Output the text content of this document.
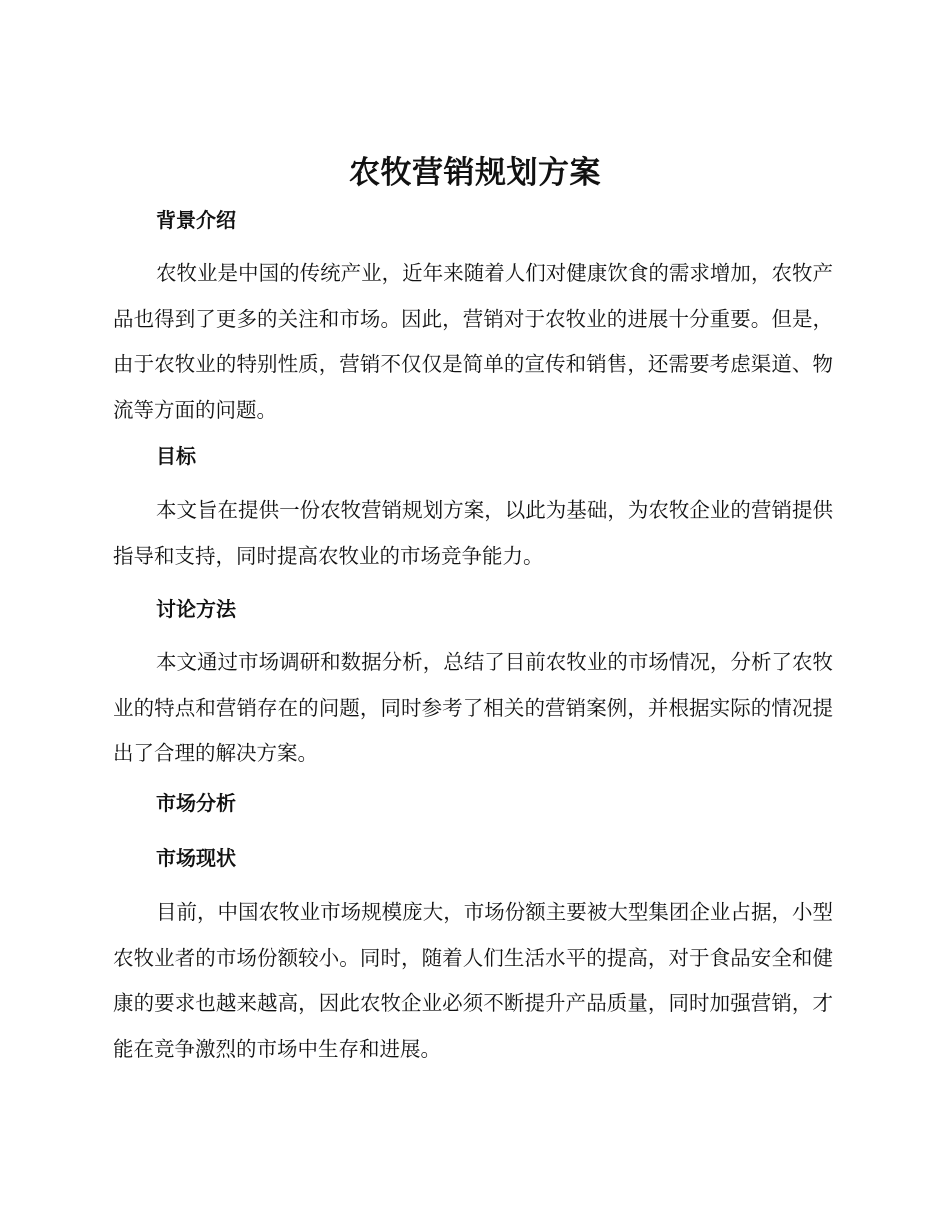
农牧营销规划方案
背景介绍

农牧业是中国的传统产业，近年来随着人们对健康饮食的需求增加，农牧产品也得到了更多的关注和市场。因此，营销对于农牧业的进展十分重要。但是，由于农牧业的特别性质，营销不仅仅是简单的宣传和销售，还需要考虑渠道、物流等方面的问题。

目标

本文旨在提供一份农牧营销规划方案，以此为基础，为农牧企业的营销提供指导和支持，同时提高农牧业的市场竞争能力。

讨论方法

本文通过市场调研和数据分析，总结了目前农牧业的市场情况，分析了农牧业的特点和营销存在的问题，同时参考了相关的营销案例，并根据实际的情况提出了合理的解决方案。

市场分析
市场现状

目前，中国农牧业市场规模庞大，市场份额主要被大型集团企业占据，小型农牧业者的市场份额较小。同时，随着人们生活水平的提高，对于食品安全和健康的要求也越来越高，因此农牧企业必须不断提升产品质量，同时加强营销，才能在竞争激烈的市场中生存和进展。
